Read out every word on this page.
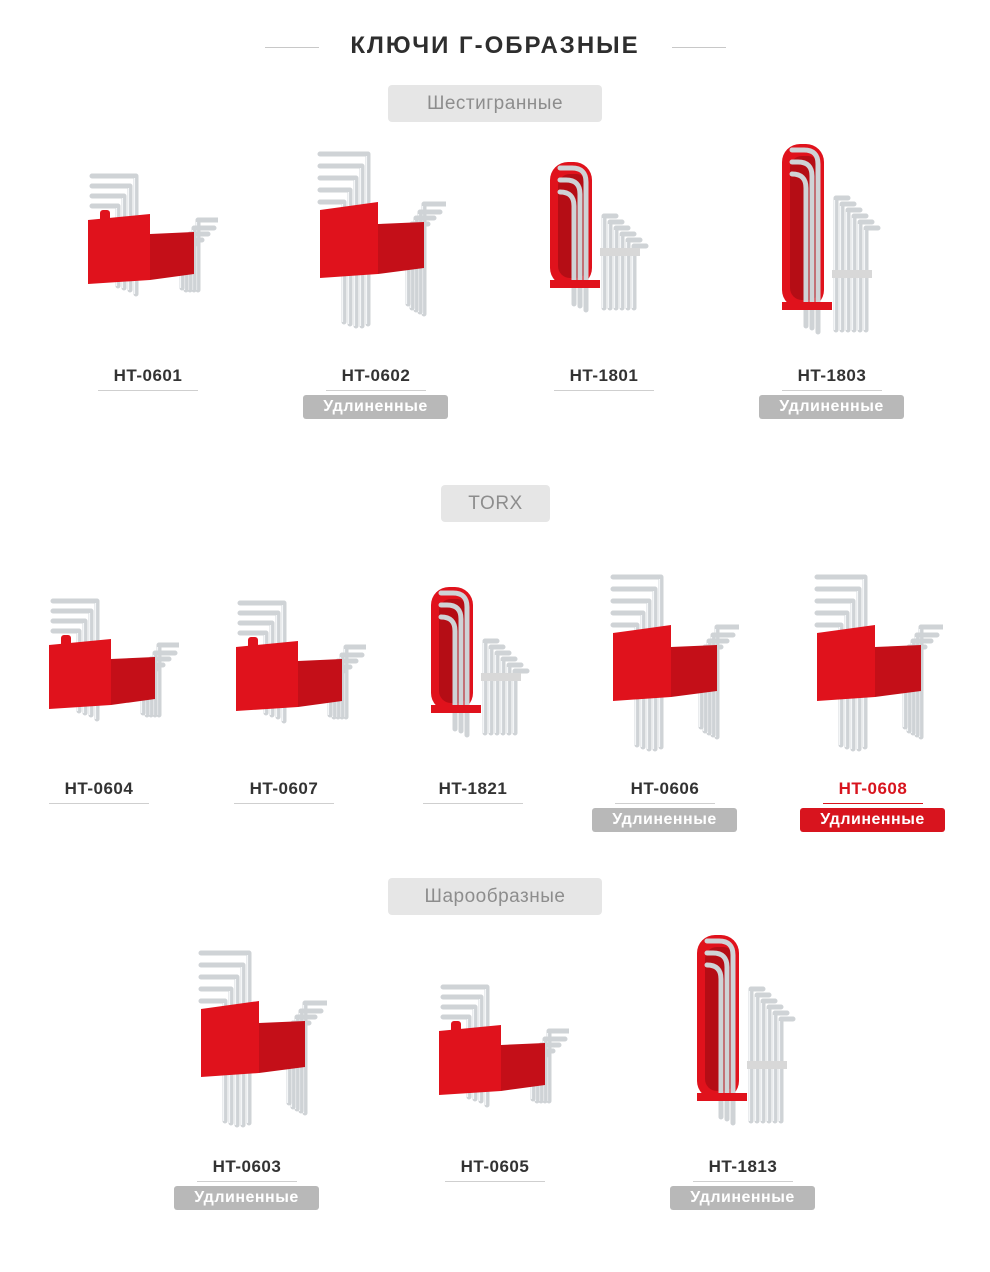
КЛЮЧИ Г-ОБРАЗНЫЕ
Шестигранные
HT-0601	HT-0602
Удлиненные
HT-1801	HT-1803
Удлиненные
TORX
HT-0604	HT-0607	HT-1821	HT-0606
Удлиненные
HT-0608
Удлиненные
Шарообразные
HT-0603
Удлиненные
HT-0605	HT-1813
Удлиненные
